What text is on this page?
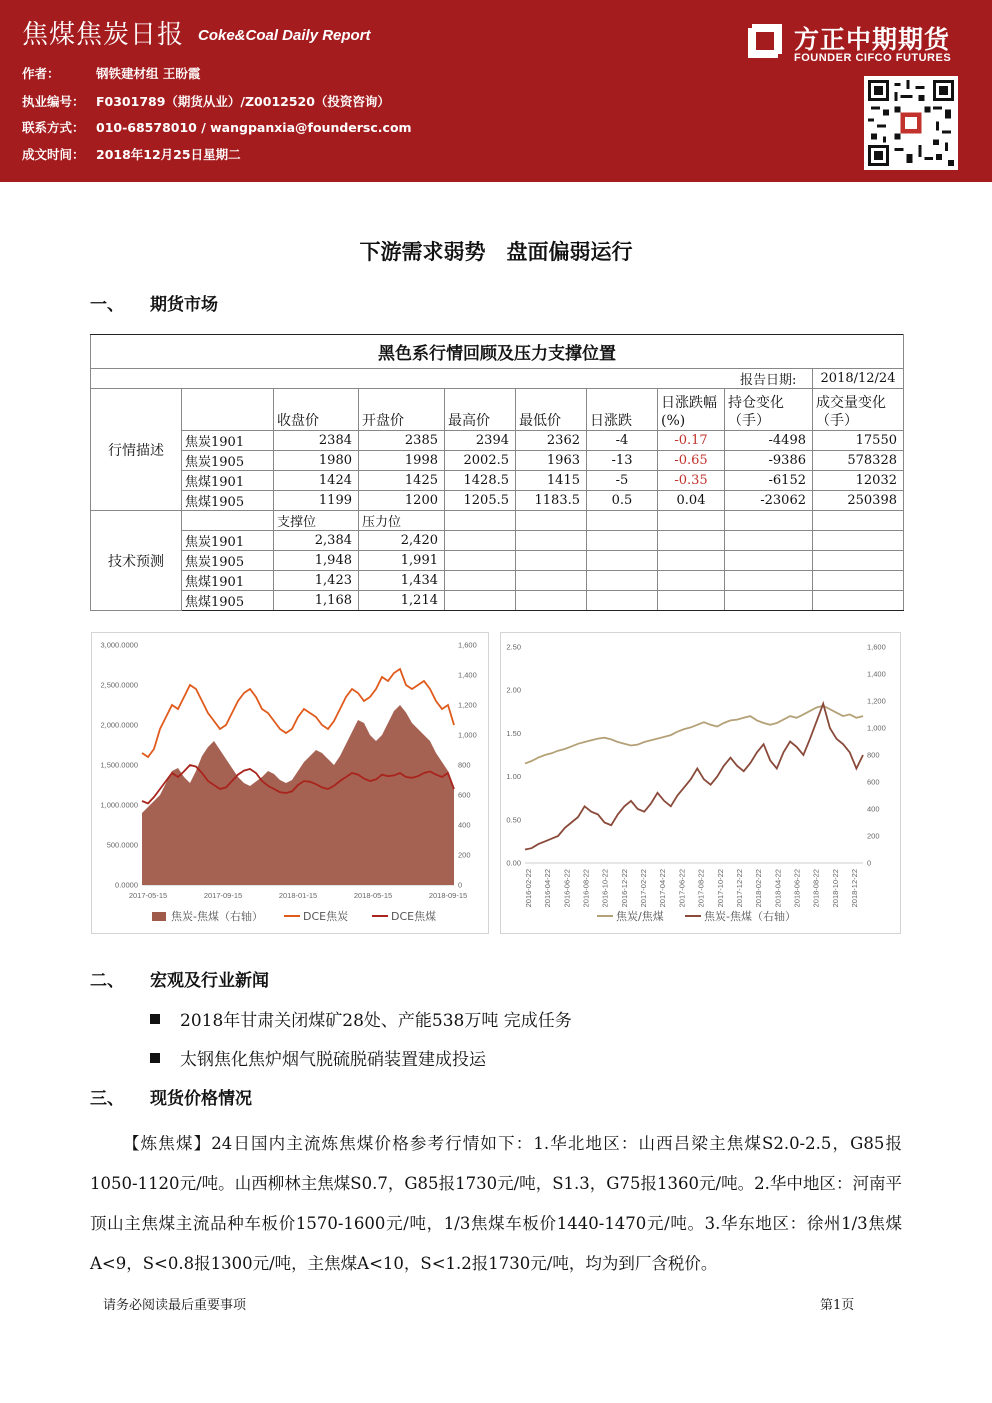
焦煤焦炭日报 Coke&Coal Daily Report
作者：	钢铁建材组 王盼霞
执业编号： F0301789（期货从业）/Z0012520（投资咨询）
联系方式： 010-68578010 / wangpanxia@foundersc.com
成文时间： 2018年12月25日星期二
方正中期期货
FOUNDER CIFCO FUTURES
下游需求弱势　盘面偏弱运行
一、 期货市场
黑色系行情回顾及压力支撑位置									
								报告日期:	2018/12/24
行情描述		收盘价	开盘价	最高价	最低价	日涨跌	日涨跌幅(%)	持仓变化（手）	成交量变化（手）
	焦炭1901	2384	2385	2394	2362	-4	-0.17	-4498	17550
	焦炭1905	1980	1998	2002.5	1963	-13	-0.65	-9386	578328
	焦煤1901	1424	1425	1428.5	1415	-5	-0.35	-6152	12032
	焦煤1905	1199	1200	1205.5	1183.5	0.5	0.04	-23062	250398
技术预测		支撑位	压力位						
	焦炭1901	2,384	2,420						
	焦炭1905	1,948	1,991						
	焦煤1901	1,423	1,434						
	焦煤1905	1,168	1,214						
0.0000
500.0000
1,000.0000
1,500.0000
2,000.0000
2,500.0000
3,000.0000
0
200
400
600
800
1,000
1,200
1,400
1,600
2017-05-15	2017-09-15	2018-01-15	2018-05-15	2018-09-15
焦炭-焦煤（右轴）	DCE焦炭	DCE焦煤
0.00
0.50
1.00
1.50
2.00
2.50
0
200
400
600
800
1,000
1,200
1,400
1,600
2016-02-22 2016-04-22 2016-06-22 2016-08-22 2016-10-22 2016-12-22 2017-02-22 2017-04-22 2017-06-22 2017-08-22 2017-10-22 2017-12-22 2018-02-22 2018-04-22 2018-06-22 2018-08-22 2018-10-22 2018-12-22
焦炭/焦煤	焦炭-焦煤（右轴）
二、 宏观及行业新闻
2018年甘肃关闭煤矿28处、产能538万吨 完成任务
太钢焦化焦炉烟气脱硫脱硝装置建成投运
三、 现货价格情况
【炼焦煤】24日国内主流炼焦煤价格参考行情如下：1.华北地区：山西吕梁主焦煤S2.0-2.5，G85报1050-1120元/吨。山西柳林主焦煤S0.7，G85报1730元/吨，S1.3，G75报1360元/吨。2.华中地区：河南平顶山主焦煤主流品种车板价1570-1600元/吨，1/3焦煤车板价1440-1470元/吨。3.华东地区：徐州1/3焦煤A<9，S<0.8报1300元/吨，主焦煤A<10，S<1.2报1730元/吨，均为到厂含税价。
请务必阅读最后重要事项	第1页
